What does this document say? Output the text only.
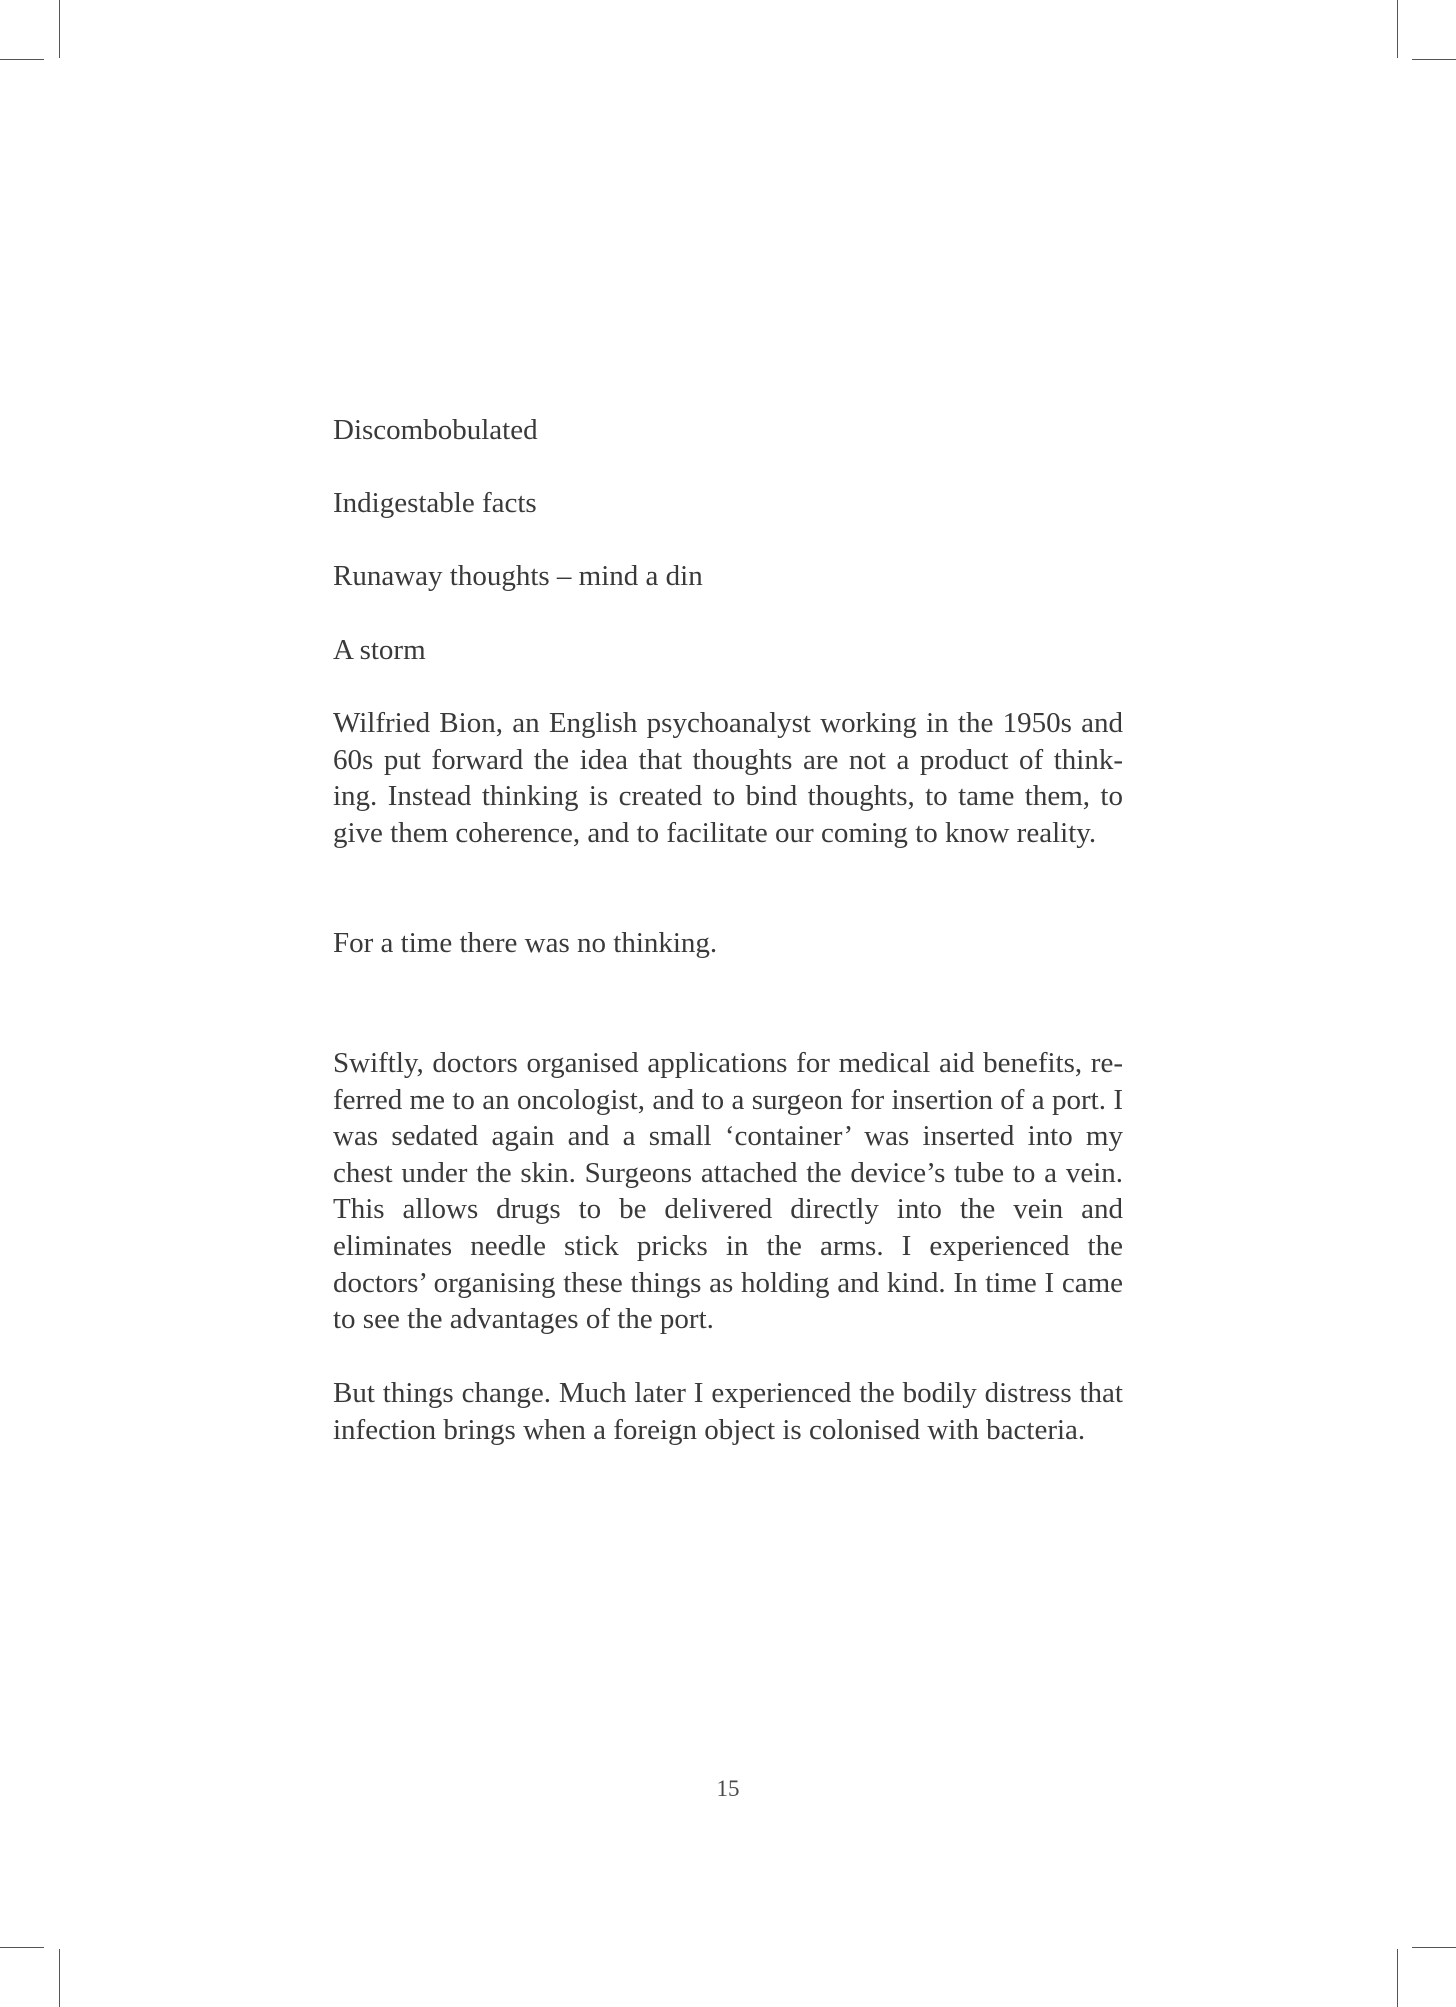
Discombobulated

Indigestable facts

Runaway thoughts – mind a din

A storm

Wilfried Bion, an English psychoanalyst working in the 1950s and 60s put forward the idea that thoughts are not a product of think-ing. Instead thinking is created to bind thoughts, to tame them, to give them coherence, and to facilitate our coming to know reality.

For a time there was no thinking.

Swiftly, doctors organised applications for medical aid benefits, re-ferred me to an oncologist, and to a surgeon for insertion of a port. I was sedated again and a small ‘container’ was inserted into my chest under the skin. Surgeons attached the device’s tube to a vein. This allows drugs to be delivered directly into the vein and eliminates needle stick pricks in the arms. I experienced the doctors’ organising these things as holding and kind. In time I came to see the advantages of the port.

But things change. Much later I experienced the bodily distress that infection brings when a foreign object is colonised with bacteria.

15
